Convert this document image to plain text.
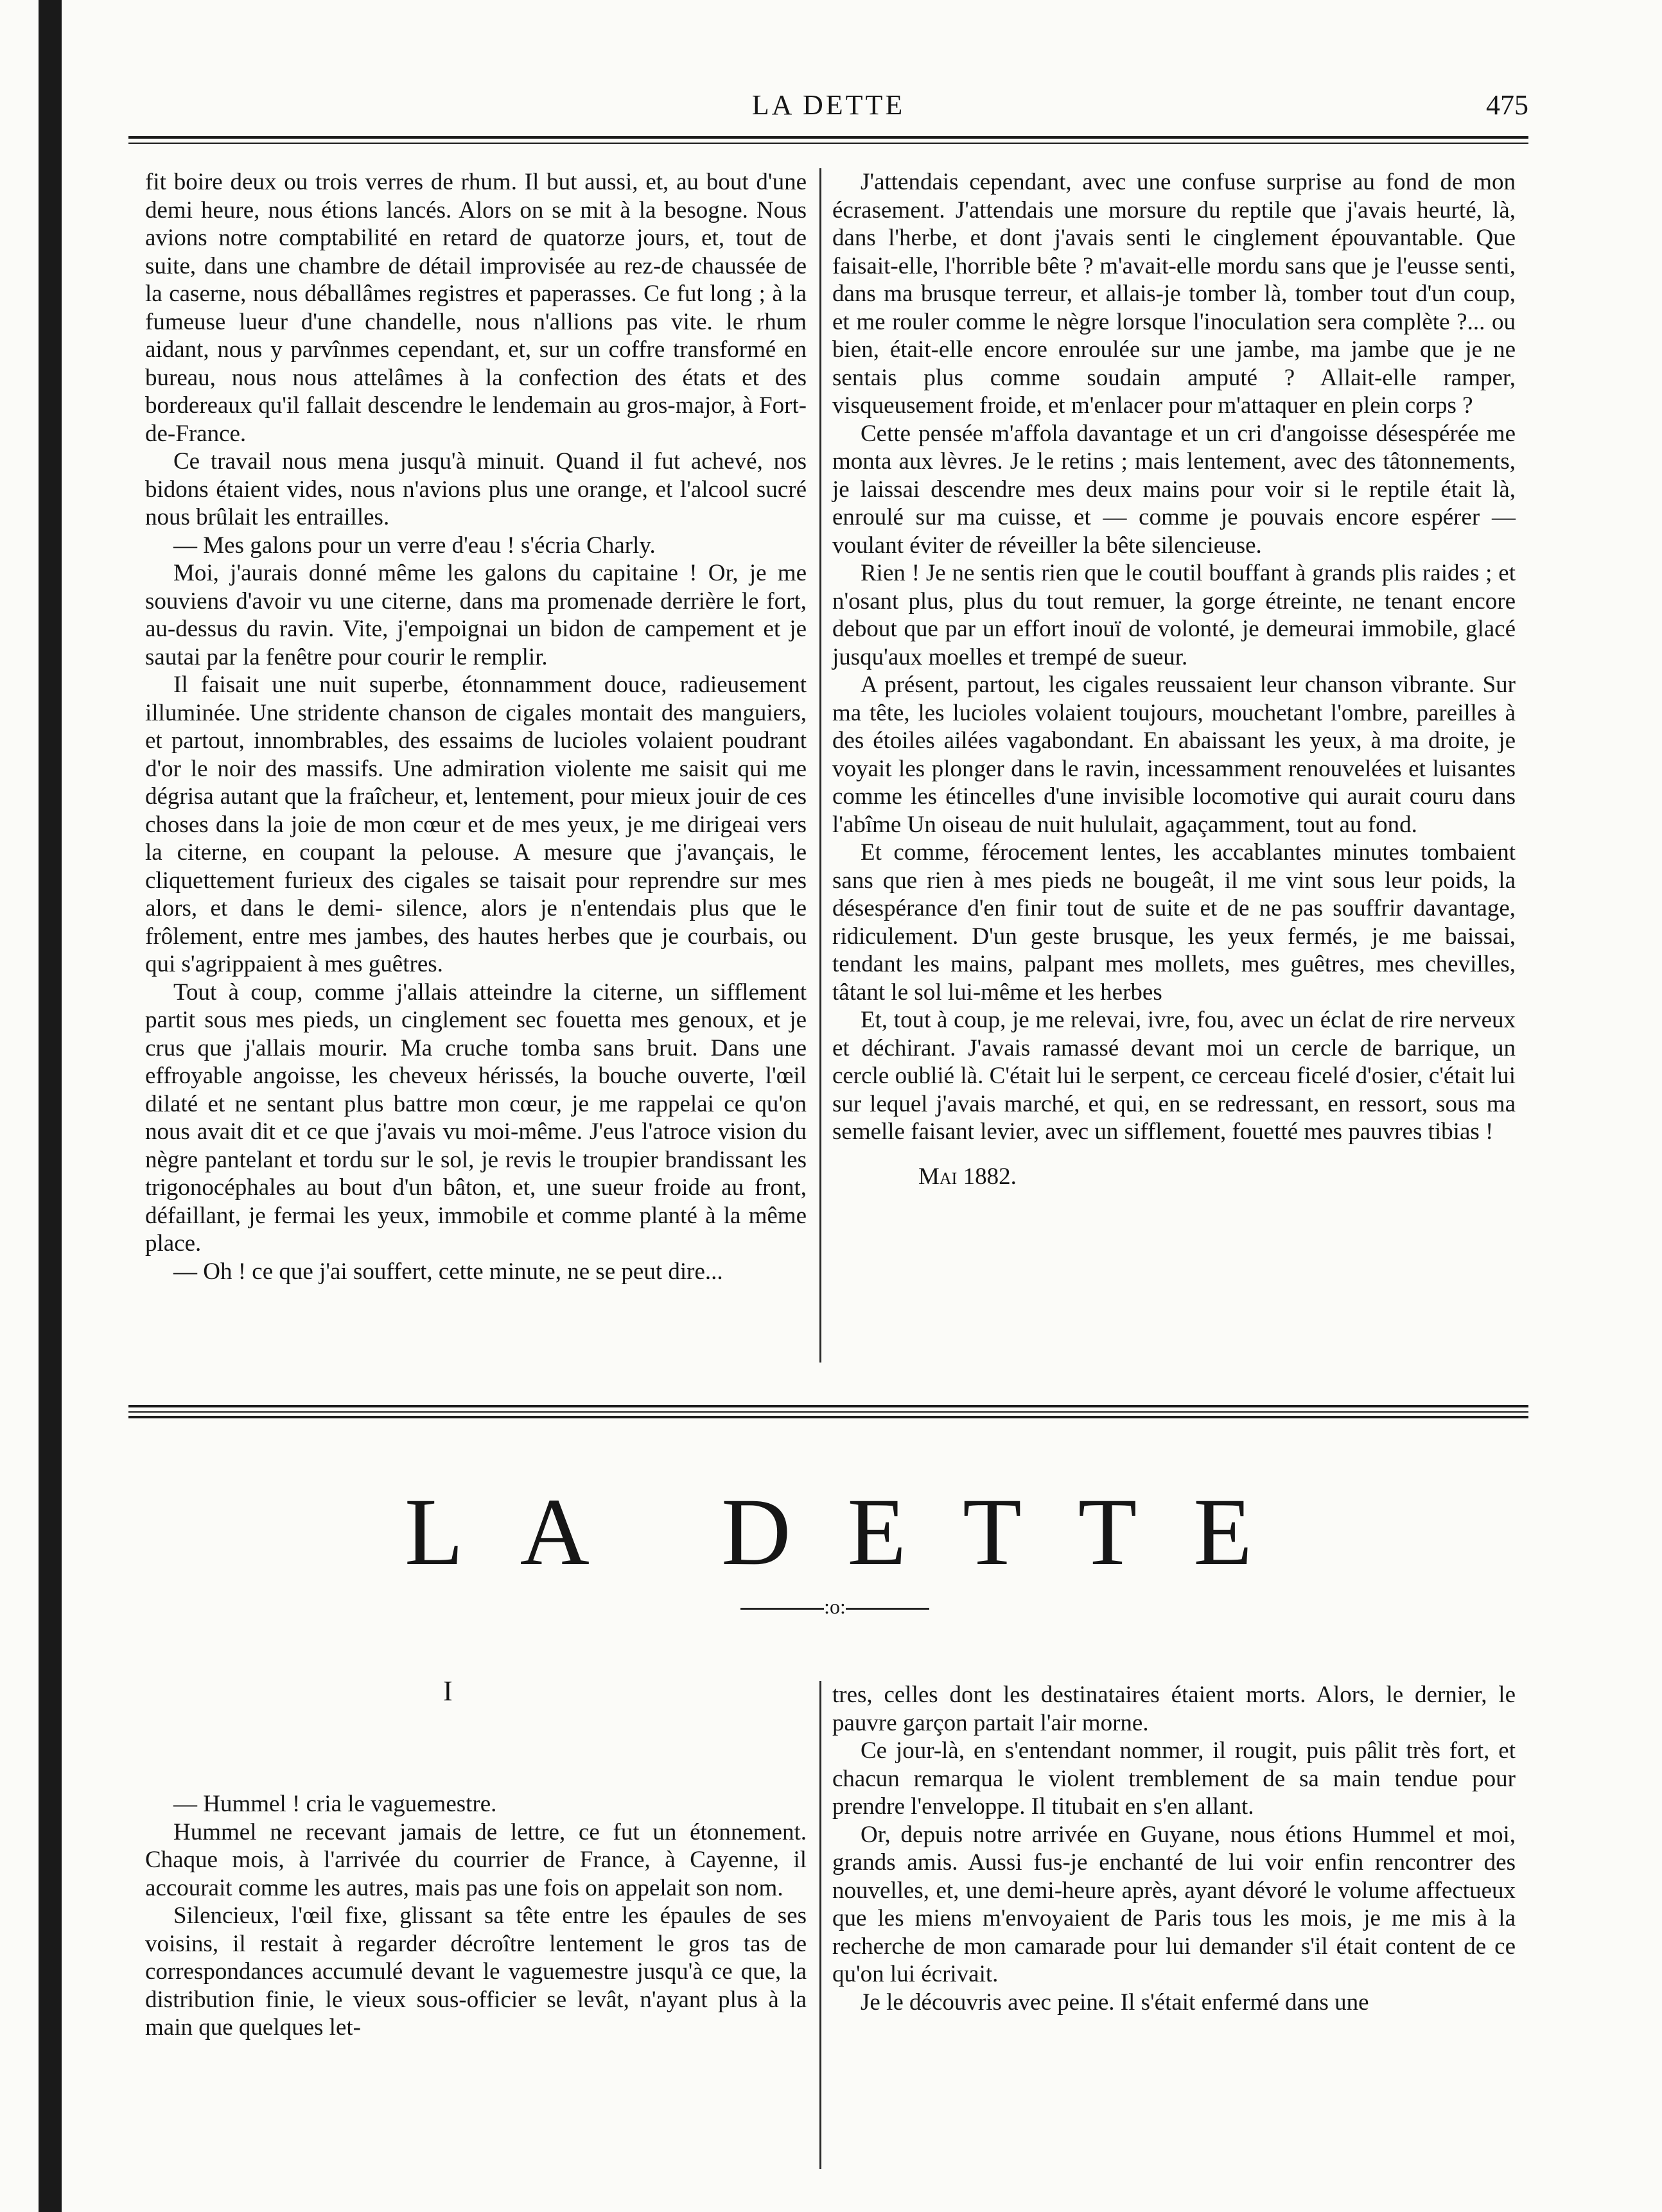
LA DETTE	475

fit boire deux ou trois verres de rhum. Il but aussi, et, au bout d'une demi heure, nous étions lancés. Alors on se mit à la besogne. Nous avions notre comptabilité en retard de quatorze jours, et, tout de suite, dans une chambre de détail improvisée au rez-de chaussée de la caserne, nous déballâmes registres et paperasses. Ce fut long ; à la fumeuse lueur d'une chandelle, nous n'allions pas vite. le rhum aidant, nous y parvînmes cependant, et, sur un coffre transformé en bureau, nous nous attelâmes à la confection des états et des bordereaux qu'il fallait descendre le lendemain au gros-major, à Fort-de-France.

Ce travail nous mena jusqu'à minuit. Quand il fut achevé, nos bidons étaient vides, nous n'avions plus une orange, et l'alcool sucré nous brûlait les entrailles.

— Mes galons pour un verre d'eau ! s'écria Charly.

Moi, j'aurais donné même les galons du capitaine ! Or, je me souviens d'avoir vu une citerne, dans ma promenade derrière le fort, au-dessus du ravin. Vite, j'empoignai un bidon de campement et je sautai par la fenêtre pour courir le remplir.

Il faisait une nuit superbe, étonnamment douce, radieusement illuminée. Une stridente chanson de cigales montait des manguiers, et partout, innombrables, des essaims de lucioles volaient poudrant d'or le noir des massifs. Une admiration violente me saisit qui me dégrisa autant que la fraîcheur, et, lentement, pour mieux jouir de ces choses dans la joie de mon cœur et de mes yeux, je me dirigeai vers la citerne, en coupant la pelouse. A mesure que j'avançais, le cliquettement furieux des cigales se taisait pour reprendre sur mes alors, et dans le demi- silence, alors je n'entendais plus que le frôlement, entre mes jambes, des hautes herbes que je courbais, ou qui s'agrippaient à mes guêtres.

Tout à coup, comme j'allais atteindre la citerne, un sifflement partit sous mes pieds, un cinglement sec fouetta mes genoux, et je crus que j'allais mourir. Ma cruche tomba sans bruit. Dans une effroyable angoisse, les cheveux hérissés, la bouche ouverte, l'œil dilaté et ne sentant plus battre mon cœur, je me rappelai ce qu'on nous avait dit et ce que j'avais vu moi-même. J'eus l'atroce vision du nègre pantelant et tordu sur le sol, je revis le troupier brandissant les trigonocéphales au bout d'un bâton, et, une sueur froide au front, défaillant, je fermai les yeux, immobile et comme planté à la même place.

— Oh ! ce que j'ai souffert, cette minute, ne se peut dire...

J'attendais cependant, avec une confuse surprise au fond de mon écrasement. J'attendais une morsure du reptile que j'avais heurté, là, dans l'herbe, et dont j'avais senti le cinglement épouvantable. Que faisait-elle, l'horrible bête ? m'avait-elle mordu sans que je l'eusse senti, dans ma brusque terreur, et allais-je tomber là, tomber tout d'un coup, et me rouler comme le nègre lorsque l'inoculation sera complète ?... ou bien, était-elle encore enroulée sur une jambe, ma jambe que je ne sentais plus comme soudain amputé ? Allait-elle ramper, visqueusement froide, et m'enlacer pour m'attaquer en plein corps ?

Cette pensée m'affola davantage et un cri d'angoisse désespérée me monta aux lèvres. Je le retins ; mais lentement, avec des tâtonnements, je laissai descendre mes deux mains pour voir si le reptile était là, enroulé sur ma cuisse, et — comme je pouvais encore espérer — voulant éviter de réveiller la bête silencieuse.

Rien ! Je ne sentis rien que le coutil bouffant à grands plis raides ; et n'osant plus, plus du tout remuer, la gorge étreinte, ne tenant encore debout que par un effort inouï de volonté, je demeurai immobile, glacé jusqu'aux moelles et trempé de sueur.

A présent, partout, les cigales reussaient leur chanson vibrante. Sur ma tête, les lucioles volaient toujours, mouchetant l'ombre, pareilles à des étoiles ailées vagabondant. En abaissant les yeux, à ma droite, je voyait les plonger dans le ravin, incessamment renouvelées et luisantes comme les étincelles d'une invisible locomotive qui aurait couru dans l'abîme Un oiseau de nuit hululait, agaçamment, tout au fond.

Et comme, férocement lentes, les accablantes minutes tombaient sans que rien à mes pieds ne bougeât, il me vint sous leur poids, la désespérance d'en finir tout de suite et de ne pas souffrir davantage, ridiculement. D'un geste brusque, les yeux fermés, je me baissai, tendant les mains, palpant mes mollets, mes guêtres, mes chevilles, tâtant le sol lui-même et les herbes

Et, tout à coup, je me relevai, ivre, fou, avec un éclat de rire nerveux et déchirant. J'avais ramassé devant moi un cercle de barrique, un cercle oublié là. C'était lui le serpent, ce cerceau ficelé d'osier, c'était lui sur lequel j'avais marché, et qui, en se redressant, en ressort, sous ma semelle faisant levier, avec un sifflement, fouetté mes pauvres tibias !

Mai 1882.

LA DETTE
:o:
I

— Hummel ! cria le vaguemestre.

Hummel ne recevant jamais de lettre, ce fut un étonnement. Chaque mois, à l'arrivée du courrier de France, à Cayenne, il accourait comme les autres, mais pas une fois on appelait son nom.

Silencieux, l'œil fixe, glissant sa tête entre les épaules de ses voisins, il restait à regarder décroître lentement le gros tas de correspondances accumulé devant le vaguemestre jusqu'à ce que, la distribution finie, le vieux sous-officier se levât, n'ayant plus à la main que quelques let-

tres, celles dont les destinataires étaient morts. Alors, le dernier, le pauvre garçon partait l'air morne.

Ce jour-là, en s'entendant nommer, il rougit, puis pâlit très fort, et chacun remarqua le violent tremblement de sa main tendue pour prendre l'enveloppe. Il titubait en s'en allant.

Or, depuis notre arrivée en Guyane, nous étions Hummel et moi, grands amis. Aussi fus-je enchanté de lui voir enfin rencontrer des nouvelles, et, une demi-heure après, ayant dévoré le volume affectueux que les miens m'envoyaient de Paris tous les mois, je me mis à la recherche de mon camarade pour lui demander s'il était content de ce qu'on lui écrivait.

Je le découvris avec peine. Il s'était enfermé dans une
